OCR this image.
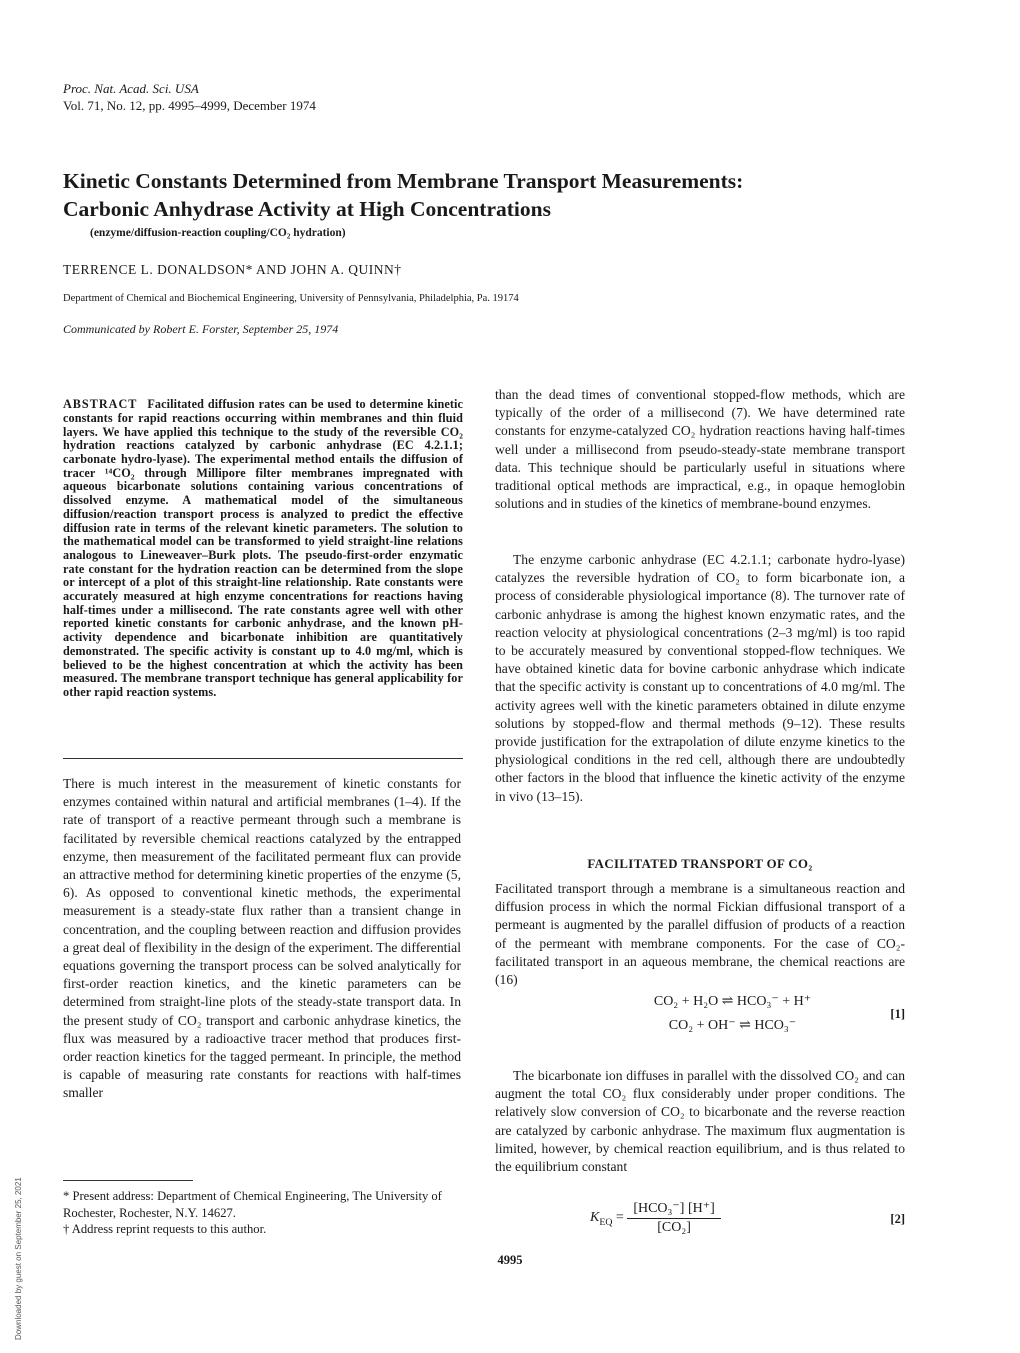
Proc. Nat. Acad. Sci. USA
Vol. 71, No. 12, pp. 4995–4999, December 1974
Kinetic Constants Determined from Membrane Transport Measurements:
Carbonic Anhydrase Activity at High Concentrations
(enzyme/diffusion-reaction coupling/CO₂ hydration)
TERRENCE L. DONALDSON* AND JOHN A. QUINN†
Department of Chemical and Biochemical Engineering, University of Pennsylvania, Philadelphia, Pa. 19174
Communicated by Robert E. Forster, September 25, 1974

ABSTRACT Facilitated diffusion rates can be used to determine kinetic constants for rapid reactions occurring within membranes and thin fluid layers. We have applied this technique to the study of the reversible CO₂ hydration reactions catalyzed by carbonic anhydrase (EC 4.2.1.1; carbonate hydro-lyase). The experimental method entails the diffusion of tracer ¹⁴CO₂ through Millipore filter membranes impregnated with aqueous bicarbonate solutions containing various concentrations of dissolved enzyme. A mathematical model of the simultaneous diffusion/reaction transport process is analyzed to predict the effective diffusion rate in terms of the relevant kinetic parameters. The solution to the mathematical model can be transformed to yield straight-line relations analogous to Lineweaver–Burk plots. The pseudo-first-order enzymatic rate constant for the hydration reaction can be determined from the slope or intercept of a plot of this straight-line relationship. Rate constants were accurately measured at high enzyme concentrations for reactions having half-times under a millisecond. The rate constants agree well with other reported kinetic constants for carbonic anhydrase, and the known pH-activity dependence and bicarbonate inhibition are quantitatively demonstrated. The specific activity is constant up to 4.0 mg/ml, which is believed to be the highest concentration at which the activity has been measured. The membrane transport technique has general applicability for other rapid reaction systems.

There is much interest in the measurement of kinetic constants for enzymes contained within natural and artificial membranes (1–4). If the rate of transport of a reactive permeant through such a membrane is facilitated by reversible chemical reactions catalyzed by the entrapped enzyme, then measurement of the facilitated permeant flux can provide an attractive method for determining kinetic properties of the enzyme (5, 6). As opposed to conventional kinetic methods, the experimental measurement is a steady-state flux rather than a transient change in concentration, and the coupling between reaction and diffusion provides a great deal of flexibility in the design of the experiment. The differential equations governing the transport process can be solved analytically for first-order reaction kinetics, and the kinetic parameters can be determined from straight-line plots of the steady-state transport data. In the present study of CO₂ transport and carbonic anhydrase kinetics, the flux was measured by a radioactive tracer method that produces first-order reaction kinetics for the tagged permeant. In principle, the method is capable of measuring rate constants for reactions with half-times smaller

than the dead times of conventional stopped-flow methods, which are typically of the order of a millisecond (7). We have determined rate constants for enzyme-catalyzed CO₂ hydration reactions having half-times well under a millisecond from pseudo-steady-state membrane transport data. This technique should be particularly useful in situations where traditional optical methods are impractical, e.g., in opaque hemoglobin solutions and in studies of the kinetics of membrane-bound enzymes.

The enzyme carbonic anhydrase (EC 4.2.1.1; carbonate hydro-lyase) catalyzes the reversible hydration of CO₂ to form bicarbonate ion, a process of considerable physiological importance (8). The turnover rate of carbonic anhydrase is among the highest known enzymatic rates, and the reaction velocity at physiological concentrations (2–3 mg/ml) is too rapid to be accurately measured by conventional stopped-flow techniques. We have obtained kinetic data for bovine carbonic anhydrase which indicate that the specific activity is constant up to concentrations of 4.0 mg/ml. The activity agrees well with the kinetic parameters obtained in dilute enzyme solutions by stopped-flow and thermal methods (9–12). These results provide justification for the extrapolation of dilute enzyme kinetics to the physiological conditions in the red cell, although there are undoubtedly other factors in the blood that influence the kinetic activity of the enzyme in vivo (13–15).

FACILITATED TRANSPORT OF CO₂

Facilitated transport through a membrane is a simultaneous reaction and diffusion process in which the normal Fickian diffusional transport of a permeant is augmented by the parallel diffusion of products of a reaction of the permeant with membrane components. For the case of CO₂-facilitated transport in an aqueous membrane, the chemical reactions are (16)

CO₂ + H₂O ⇌ HCO₃⁻ + H⁺
CO₂ + OH⁻ ⇌ HCO₃⁻
[1]

The bicarbonate ion diffuses in parallel with the dissolved CO₂ and can augment the total CO₂ flux considerably under proper conditions. The relatively slow conversion of CO₂ to bicarbonate and the reverse reaction are catalyzed by carbonic anhydrase. The maximum flux augmentation is limited, however, by chemical reaction equilibrium, and is thus related to the equilibrium constant

$K_{EQ} = \frac{\text{[HCO₃⁻] [H⁺]}}{\text{[CO₂]}}$	[2]
* Present address: Department of Chemical Engineering, The University of Rochester, Rochester, N.Y. 14627.
† Address reprint requests to this author.
4995
Downloaded by guest on September 25, 2021
